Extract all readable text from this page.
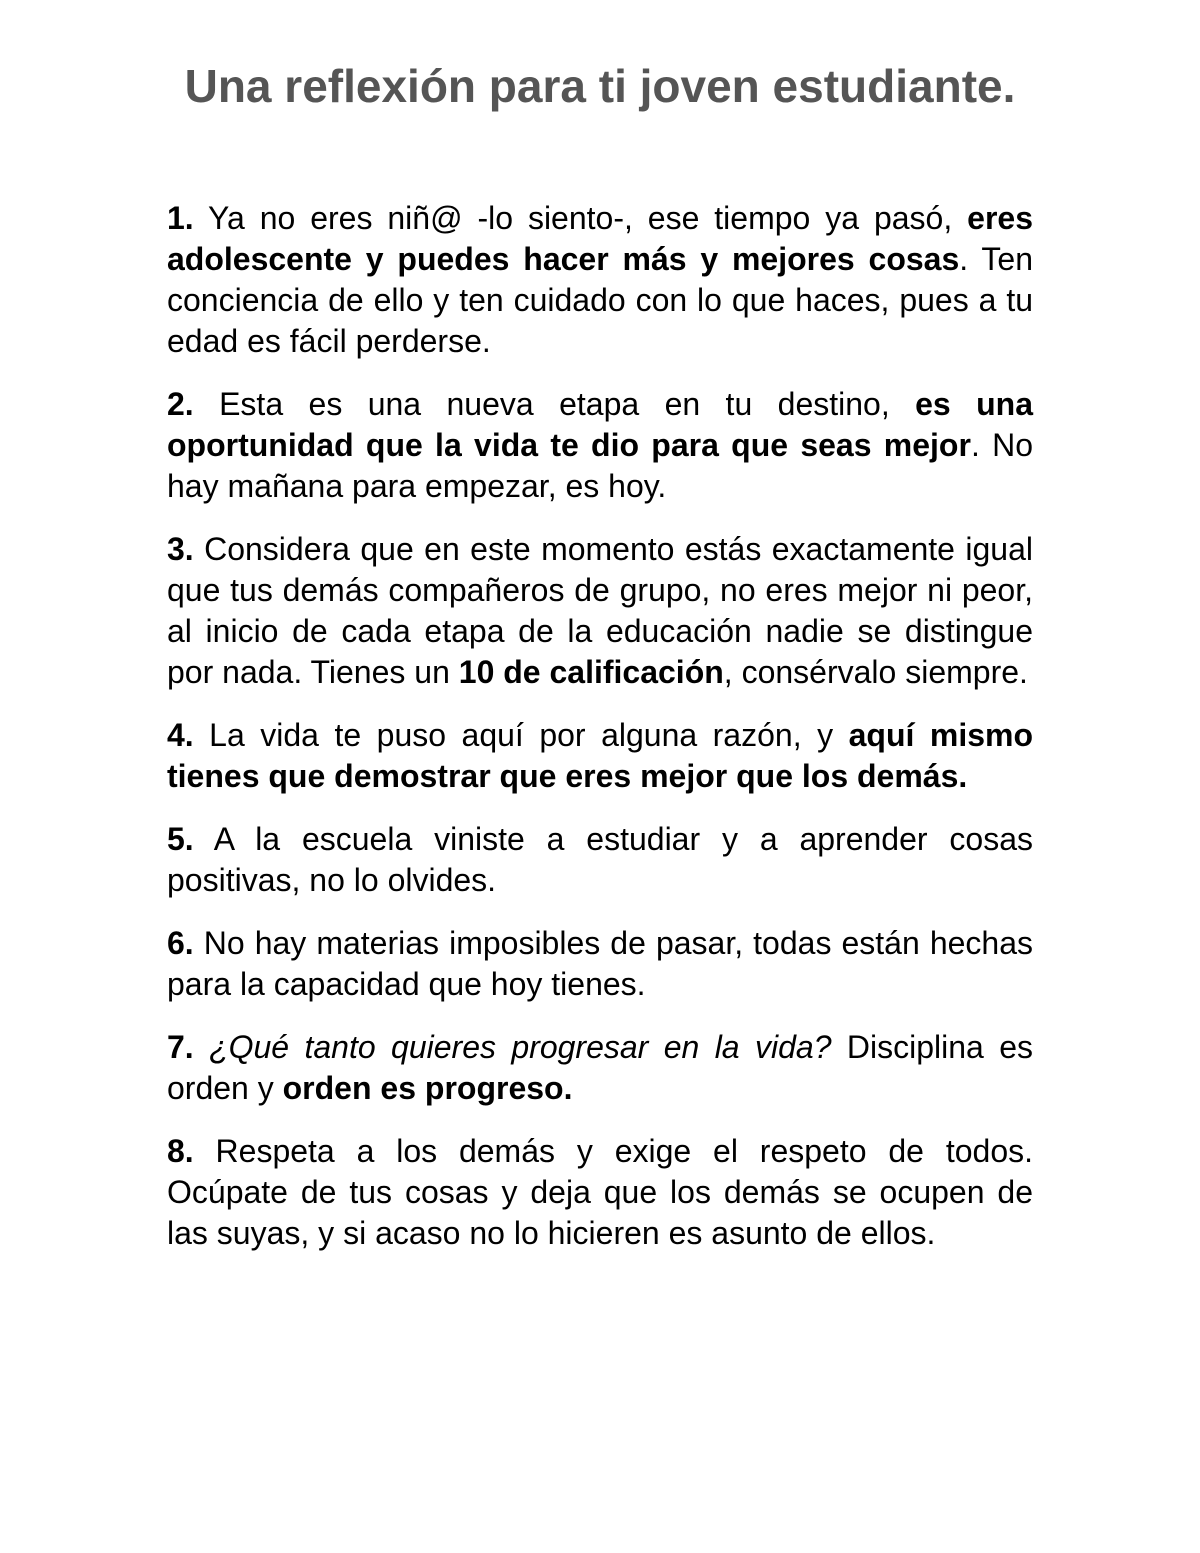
Una reflexión para ti joven estudiante.

1. Ya no eres niñ@ -lo siento-, ese tiempo ya pasó, eres adolescente y puedes hacer más y mejores cosas. Ten conciencia de ello y ten cuidado con lo que haces, pues a tu edad es fácil perderse.

2. Esta es una nueva etapa en tu destino, es una oportunidad que la vida te dio para que seas mejor. No hay mañana para empezar, es hoy.

3. Considera que en este momento estás exactamente igual que tus demás compañeros de grupo, no eres mejor ni peor, al inicio de cada etapa de la educación nadie se distingue por nada. Tienes un 10 de calificación, consérvalo siempre.

4. La vida te puso aquí por alguna razón, y aquí mismo tienes que demostrar que eres mejor que los demás.

5. A la escuela viniste a estudiar y a aprender cosas positivas, no lo olvides.

6. No hay materias imposibles de pasar, todas están hechas para la capacidad que hoy tienes.

7. ¿Qué tanto quieres progresar en la vida? Disciplina es orden y orden es progreso.

8. Respeta a los demás y exige el respeto de todos. Ocúpate de tus cosas y deja que los demás se ocupen de las suyas, y si acaso no lo hicieren es asunto de ellos.
